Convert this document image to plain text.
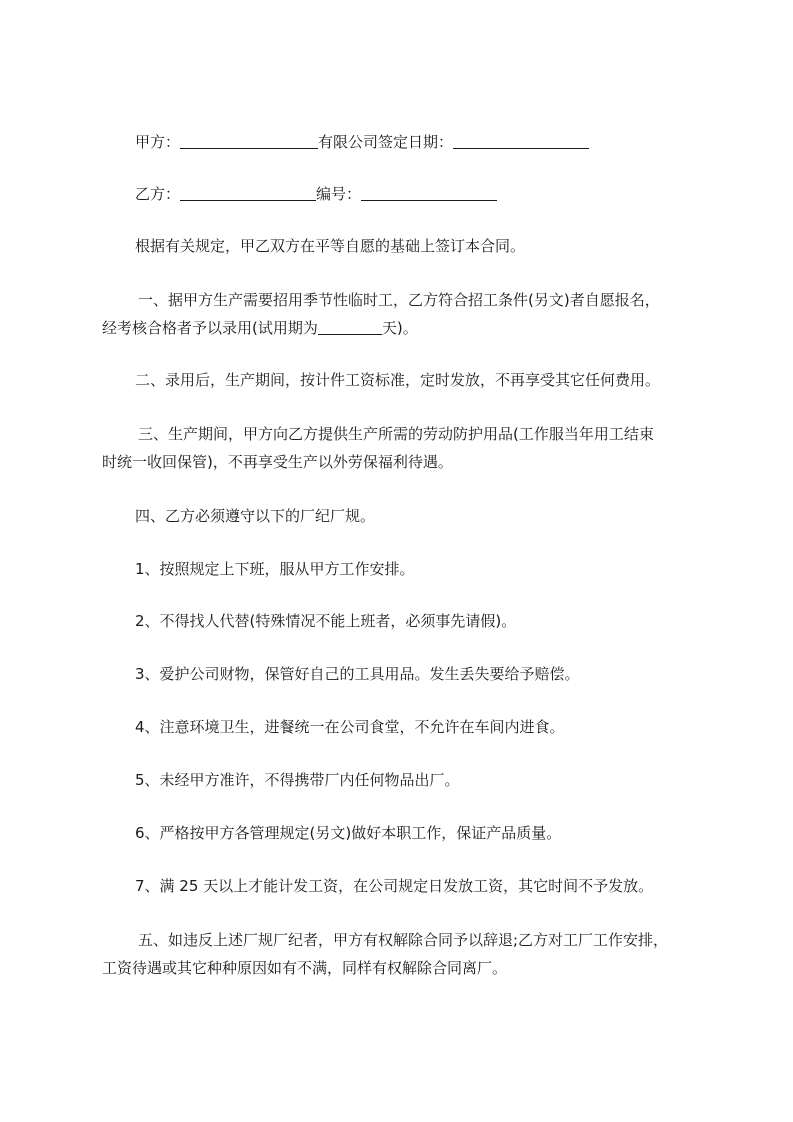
甲方：	有限公司签定日期：
乙方：	编号：
根据有关规定，甲乙双方在平等自愿的基础上签订本合同。
一、据甲方生产需要招用季节性临时工，乙方符合招工条件(另文)者自愿报名，
经考核合格者予以录用(试用期为	天)。
二、录用后，生产期间，按计件工资标准，定时发放，不再享受其它任何费用。
三、生产期间，甲方向乙方提供生产所需的劳动防护用品(工作服当年用工结束
时统一收回保管)，不再享受生产以外劳保福利待遇。
四、乙方必须遵守以下的厂纪厂规。
1、按照规定上下班，服从甲方工作安排。
2、不得找人代替(特殊情况不能上班者，必须事先请假)。
3、爱护公司财物，保管好自己的工具用品。发生丢失要给予赔偿。
4、注意环境卫生，进餐统一在公司食堂，不允许在车间内进食。
5、未经甲方准许，不得携带厂内任何物品出厂。
6、严格按甲方各管理规定(另文)做好本职工作，保证产品质量。
7、满 25 天以上才能计发工资，在公司规定日发放工资，其它时间不予发放。
五、如违反上述厂规厂纪者，甲方有权解除合同予以辞退;乙方对工厂工作安排，
工资待遇或其它种种原因如有不满，同样有权解除合同离厂。
